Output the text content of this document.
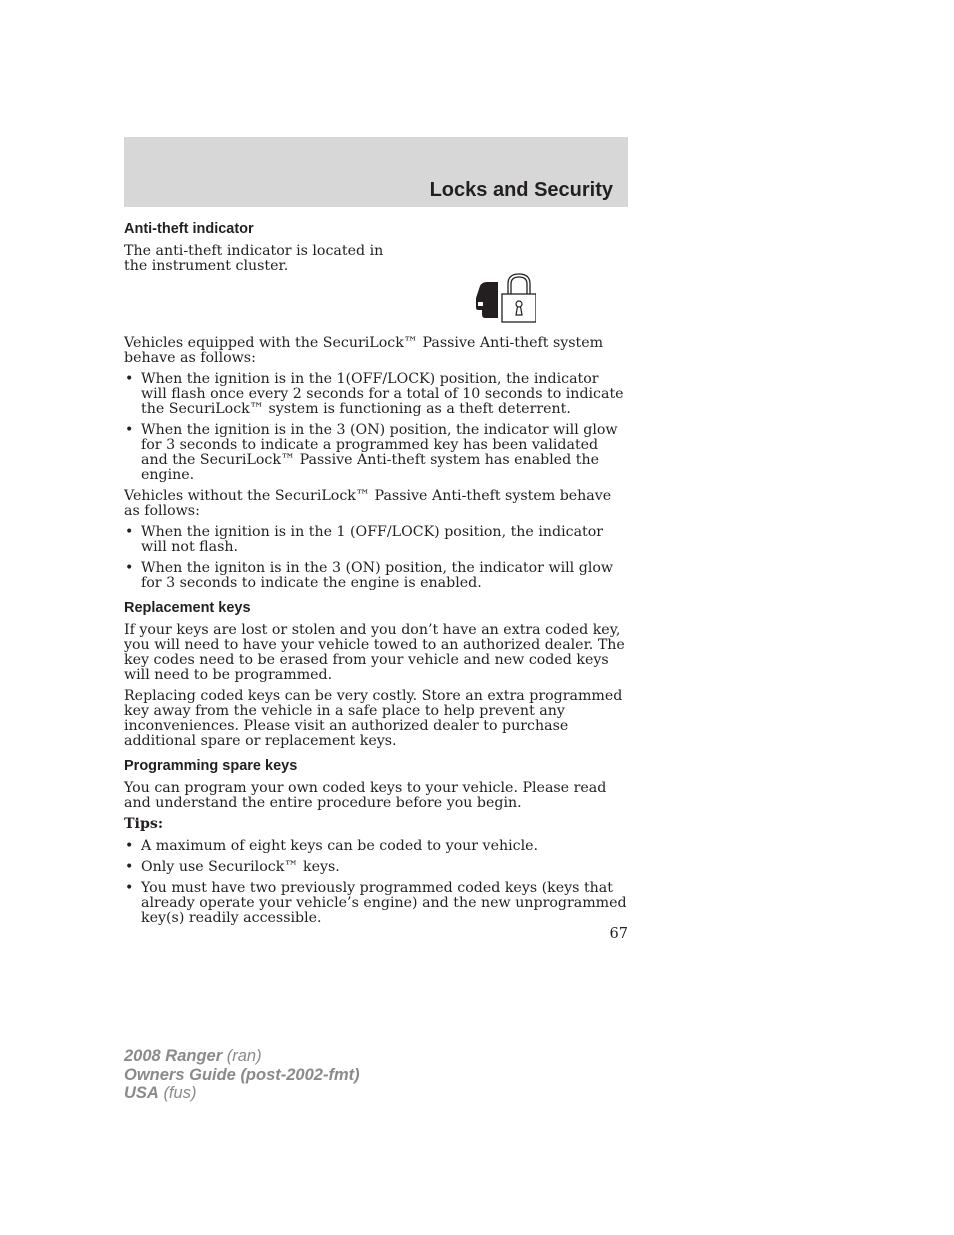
Locks and Security
Anti-theft indicator

The anti-theft indicator is located in the instrument cluster.

Vehicles equipped with the SecuriLock™ Passive Anti-theft system behave as follows:

• When the ignition is in the 1(OFF/LOCK) position, the indicator will flash once every 2 seconds for a total of 10 seconds to indicate the SecuriLock™ system is functioning as a theft deterrent.
• When the ignition is in the 3 (ON) position, the indicator will glow for 3 seconds to indicate a programmed key has been validated and the SecuriLock™ Passive Anti-theft system has enabled the engine.

Vehicles without the SecuriLock™ Passive Anti-theft system behave as follows:

• When the ignition is in the 1 (OFF/LOCK) position, the indicator will not flash.
• When the igniton is in the 3 (ON) position, the indicator will glow for 3 seconds to indicate the engine is enabled.
Replacement keys

If your keys are lost or stolen and you don’t have an extra coded key, you will need to have your vehicle towed to an authorized dealer. The key codes need to be erased from your vehicle and new coded keys will need to be programmed.

Replacing coded keys can be very costly. Store an extra programmed key away from the vehicle in a safe place to help prevent any inconveniences. Please visit an authorized dealer to purchase additional spare or replacement keys.

Programming spare keys

You can program your own coded keys to your vehicle. Please read and understand the entire procedure before you begin.

Tips:

• A maximum of eight keys can be coded to your vehicle.
• Only use Securilock™ keys.
• You must have two previously programmed coded keys (keys that already operate your vehicle’s engine) and the new unprogrammed key(s) readily accessible.
67
2008 Ranger (ran)
Owners Guide (post-2002-fmt)
USA (fus)
